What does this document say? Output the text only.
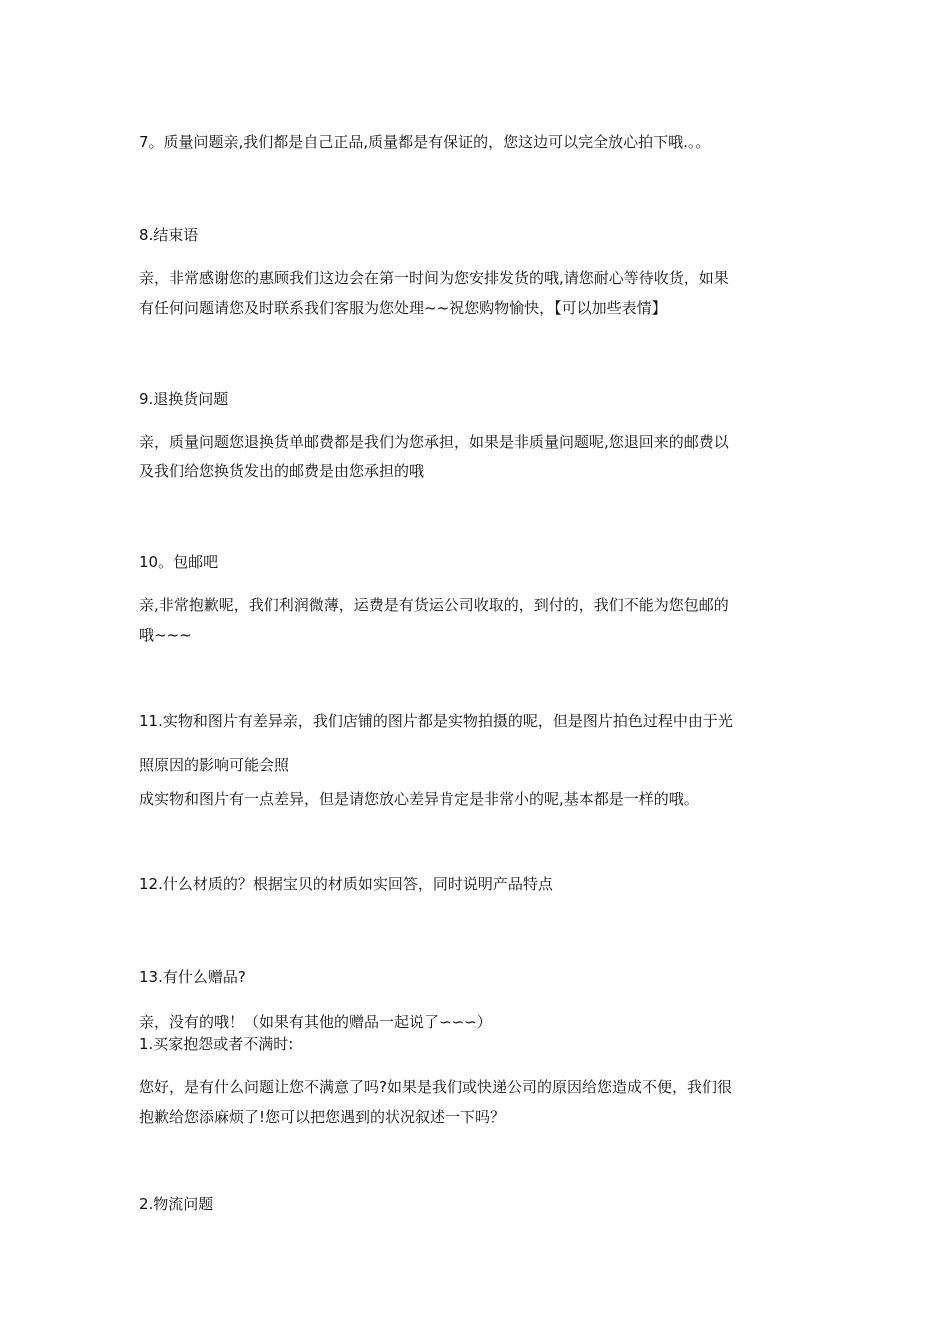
7。质量问题亲,我们都是自己正品,质量都是有保证的，您这边可以完全放心拍下哦.。。
8.结束语
亲，非常感谢您的惠顾我们这边会在第一时间为您安排发货的哦,请您耐心等待收货，如果
有任何问题请您及时联系我们客服为您处理~~祝您购物愉快，【可以加些表情】
9.退换货问题
亲，质量问题您退换货单邮费都是我们为您承担，如果是非质量问题呢,您退回来的邮费以
及我们给您换货发出的邮费是由您承担的哦
10。包邮吧
亲,非常抱歉呢，我们利润微薄，运费是有货运公司收取的，到付的，我们不能为您包邮的
哦~~~
11.实物和图片有差异亲，我们店铺的图片都是实物拍摄的呢，但是图片拍色过程中由于光
照原因的影响可能会照
成实物和图片有一点差异，但是请您放心差异肯定是非常小的呢,基本都是一样的哦。
12.什么材质的？根据宝贝的材质如实回答，同时说明产品特点
13.有什么赠品?
亲，没有的哦！（如果有其他的赠品一起说了∽∽∽）
1.买家抱怨或者不满时:
您好，是有什么问题让您不满意了吗?如果是我们或快递公司的原因给您造成不便，我们很
抱歉给您添麻烦了!您可以把您遇到的状况叙述一下吗？
2.物流问题
